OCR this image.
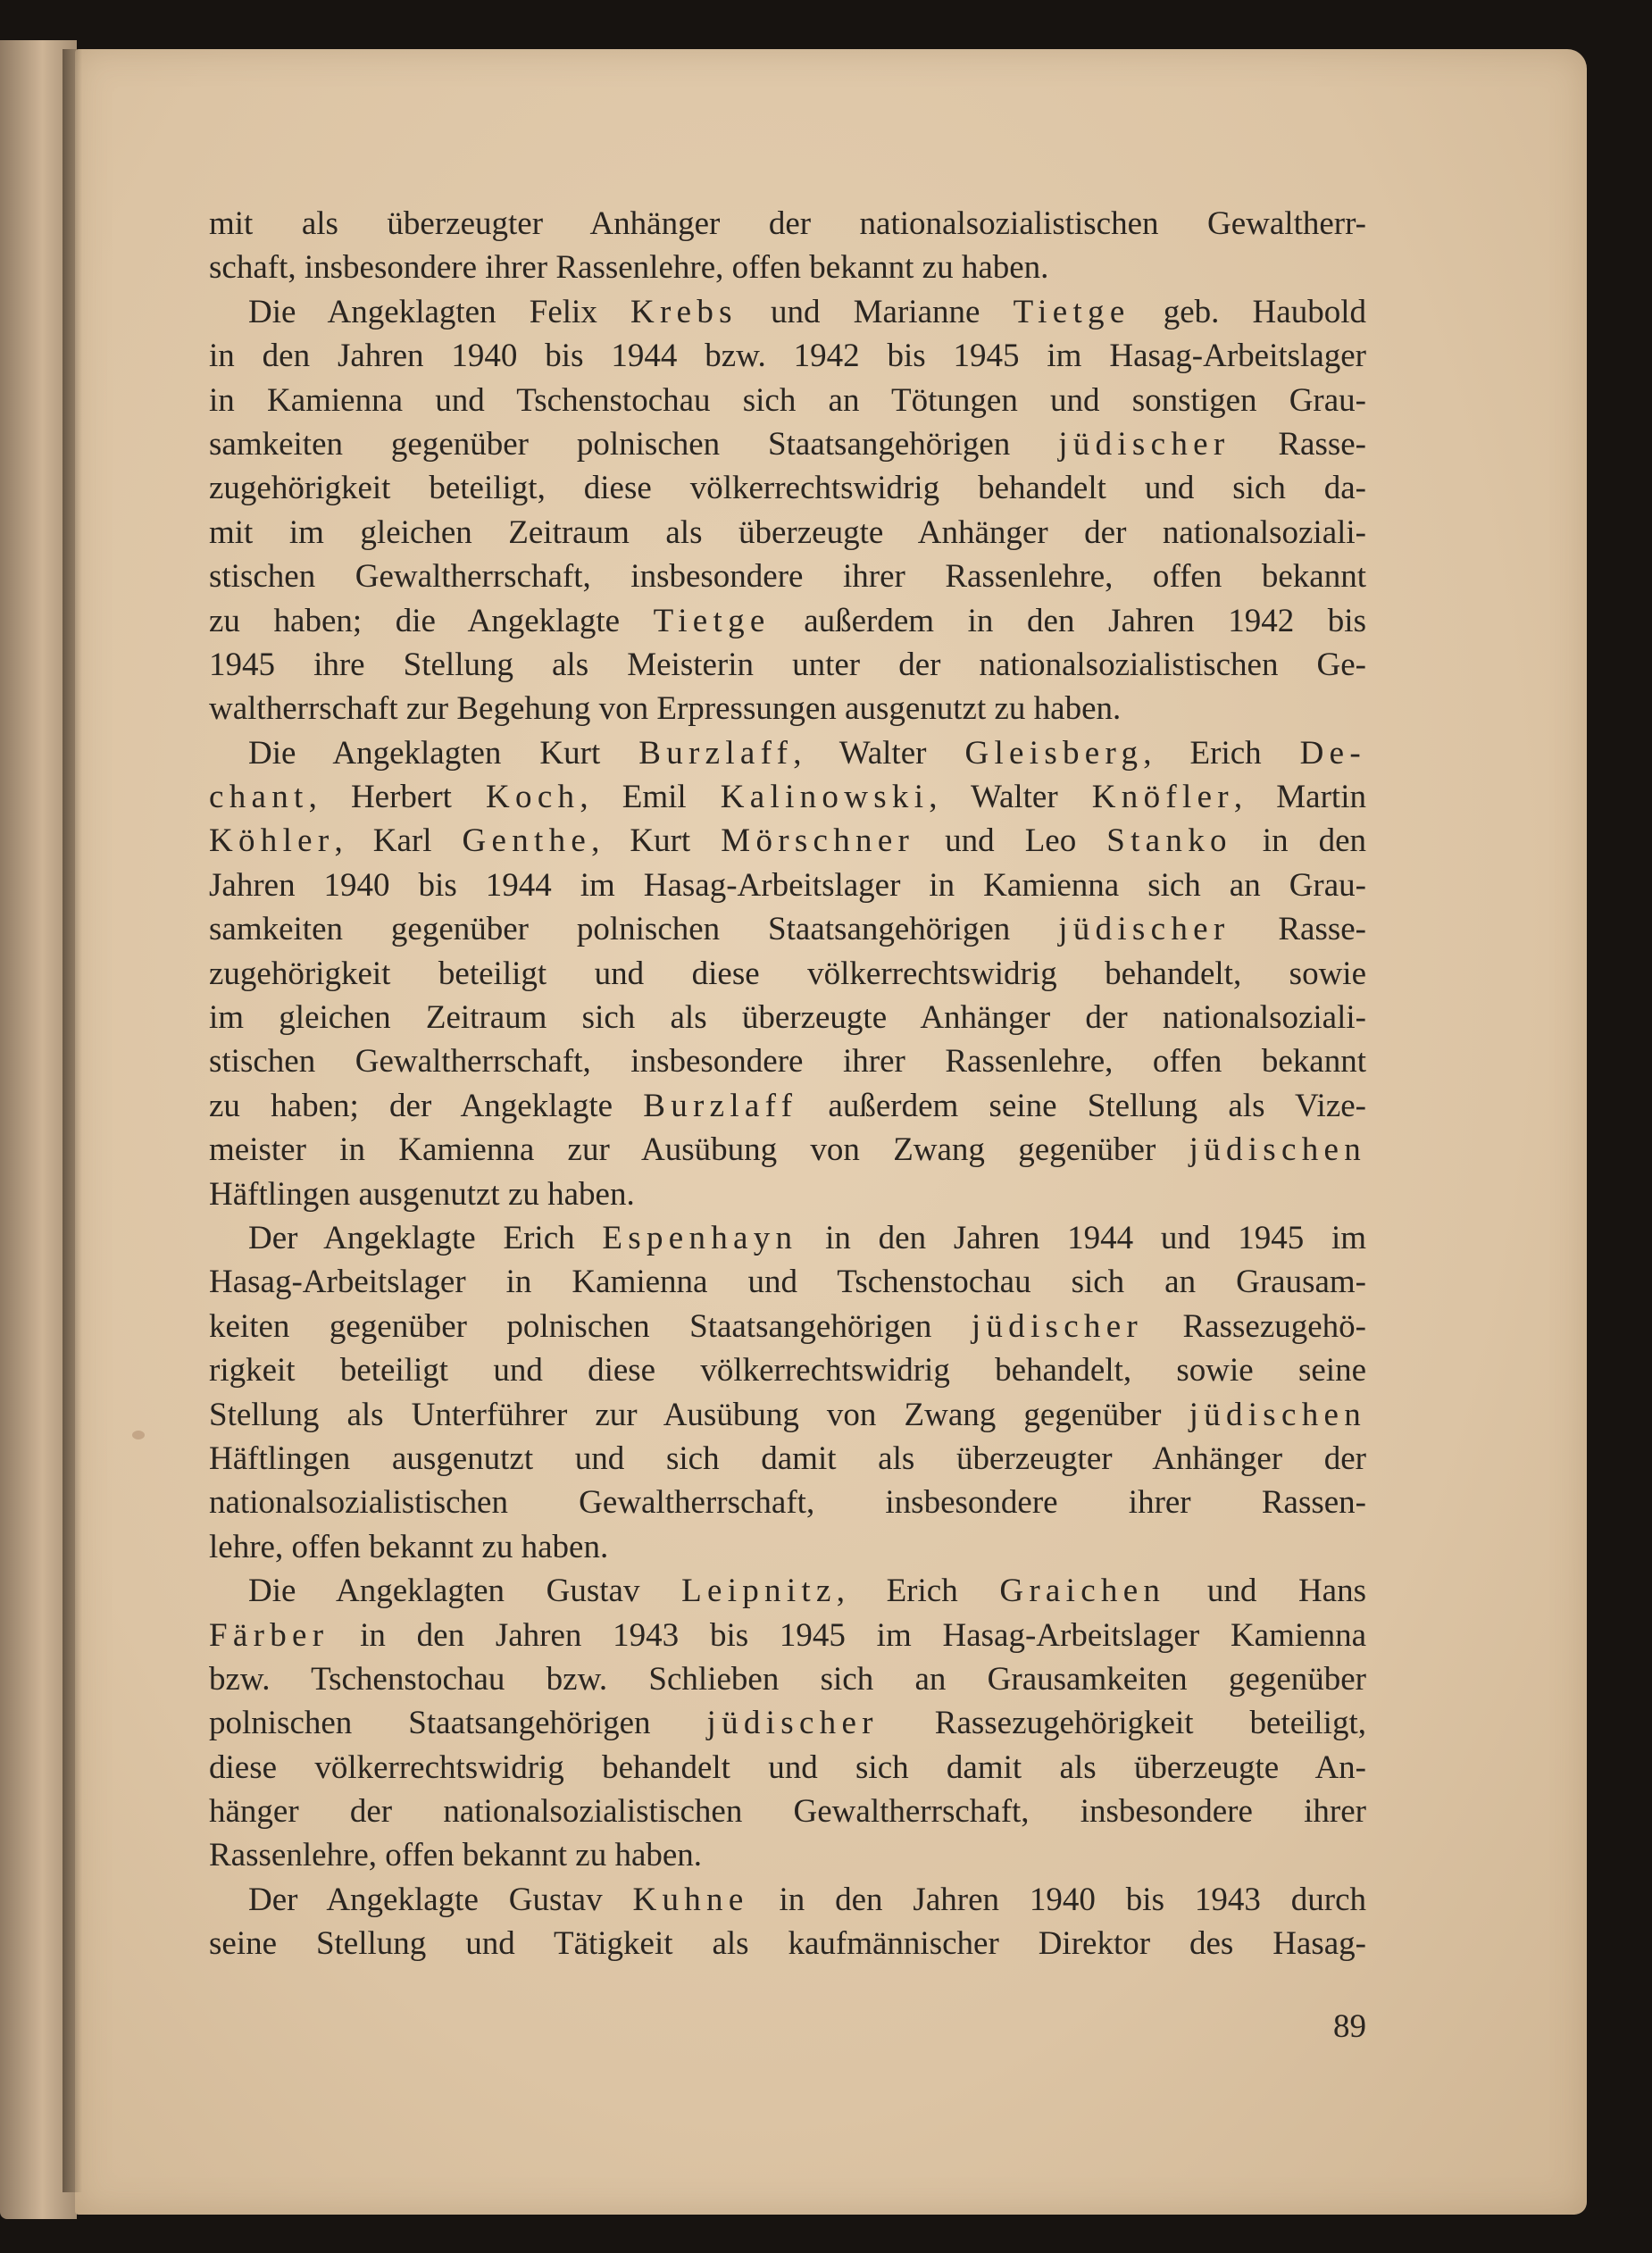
mit als überzeugter Anhänger der nationalsozialistischen Gewaltherr-
schaft, insbesondere ihrer Rassenlehre, offen bekannt zu haben.
Die Angeklagten Felix Krebs und Marianne Tietge geb. Haubold
in den Jahren 1940 bis 1944 bzw. 1942 bis 1945 im Hasag-Arbeitslager
in Kamienna und Tschenstochau sich an Tötungen und sonstigen Grau-
samkeiten gegenüber polnischen Staatsangehörigen jüdischer Rasse-
zugehörigkeit beteiligt, diese völkerrechtswidrig behandelt und sich da-
mit im gleichen Zeitraum als überzeugte Anhänger der nationalsoziali-
stischen Gewaltherrschaft, insbesondere ihrer Rassenlehre, offen bekannt
zu haben; die Angeklagte Tietge außerdem in den Jahren 1942 bis
1945 ihre Stellung als Meisterin unter der nationalsozialistischen Ge-
waltherrschaft zur Begehung von Erpressungen ausgenutzt zu haben.
Die Angeklagten Kurt Burzlaff, Walter Gleisberg, Erich De-
chant, Herbert Koch, Emil Kalinowski, Walter Knöfler, Martin
Köhler, Karl Genthe, Kurt Mörschner und Leo Stanko in den
Jahren 1940 bis 1944 im Hasag-Arbeitslager in Kamienna sich an Grau-
samkeiten gegenüber polnischen Staatsangehörigen jüdischer Rasse-
zugehörigkeit beteiligt und diese völkerrechtswidrig behandelt, sowie
im gleichen Zeitraum sich als überzeugte Anhänger der nationalsoziali-
stischen Gewaltherrschaft, insbesondere ihrer Rassenlehre, offen bekannt
zu haben; der Angeklagte Burzlaff außerdem seine Stellung als Vize-
meister in Kamienna zur Ausübung von Zwang gegenüber jüdischen
Häftlingen ausgenutzt zu haben.
Der Angeklagte Erich Espenhayn in den Jahren 1944 und 1945 im
Hasag-Arbeitslager in Kamienna und Tschenstochau sich an Grausam-
keiten gegenüber polnischen Staatsangehörigen jüdischer Rassezugehö-
rigkeit beteiligt und diese völkerrechtswidrig behandelt, sowie seine
Stellung als Unterführer zur Ausübung von Zwang gegenüber jüdischen
Häftlingen ausgenutzt und sich damit als überzeugter Anhänger der
nationalsozialistischen Gewaltherrschaft, insbesondere ihrer Rassen-
lehre, offen bekannt zu haben.
Die Angeklagten Gustav Leipnitz, Erich Graichen und Hans
Färber in den Jahren 1943 bis 1945 im Hasag-Arbeitslager Kamienna
bzw. Tschenstochau bzw. Schlieben sich an Grausamkeiten gegenüber
polnischen Staatsangehörigen jüdischer Rassezugehörigkeit beteiligt,
diese völkerrechtswidrig behandelt und sich damit als überzeugte An-
hänger der nationalsozialistischen Gewaltherrschaft, insbesondere ihrer
Rassenlehre, offen bekannt zu haben.
Der Angeklagte Gustav Kuhne in den Jahren 1940 bis 1943 durch
seine Stellung und Tätigkeit als kaufmännischer Direktor des Hasag-
89
